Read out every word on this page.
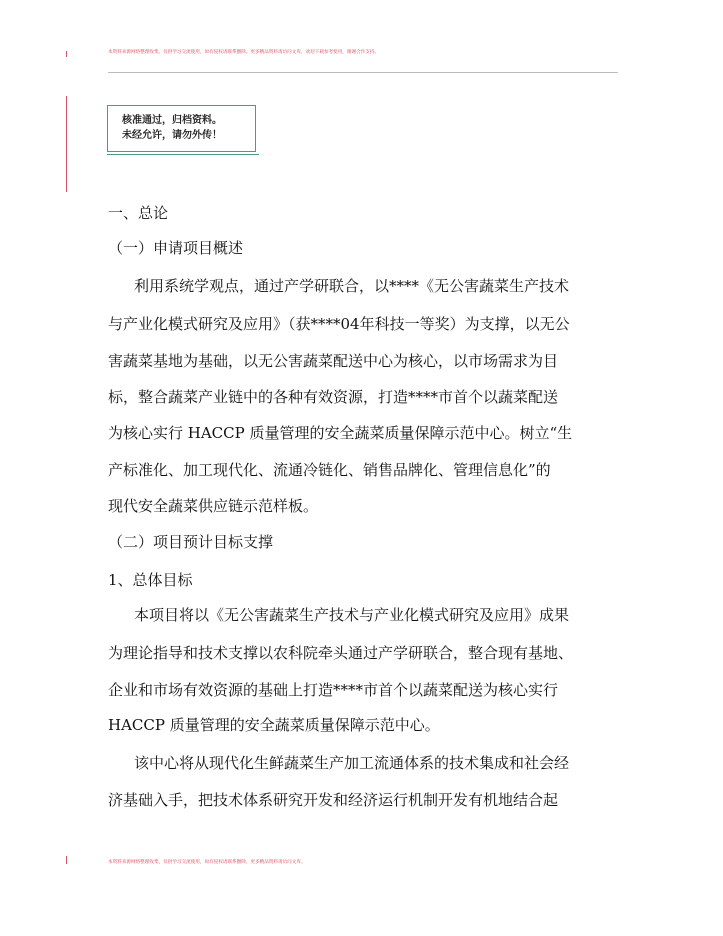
本资料来源网络整理收集，仅供学习交流使用，如有侵权请联系删除。更多精品资料请访问文库，欢迎下载参考使用，谢谢合作支持。
核准通过，归档资料。
未经允许，请勿外传！
一、总论
（一）申请项目概述
利用系统学观点，通过产学研联合，以****《无公害蔬菜生产技术
与产业化模式研究及应用》（获****04年科技一等奖）为支撑，以无公
害蔬菜基地为基础，以无公害蔬菜配送中心为核心，以市场需求为目
标，整合蔬菜产业链中的各种有效资源，打造****市首个以蔬菜配送
为核心实行 HACCP 质量管理的安全蔬菜质量保障示范中心。树立“生
产标准化、加工现代化、流通冷链化、销售品牌化、管理信息化”的
现代安全蔬菜供应链示范样板。
（二）项目预计目标支撑
1、总体目标
本项目将以《无公害蔬菜生产技术与产业化模式研究及应用》成果
为理论指导和技术支撑以农科院牵头通过产学研联合，整合现有基地、
企业和市场有效资源的基础上打造****市首个以蔬菜配送为核心实行
HACCP 质量管理的安全蔬菜质量保障示范中心。
该中心将从现代化生鲜蔬菜生产加工流通体系的技术集成和社会经
济基础入手，把技术体系研究开发和经济运行机制开发有机地结合起
本资料来源网络整理收集，仅供学习交流使用，如有侵权请联系删除，更多精品资料请访问文库。
